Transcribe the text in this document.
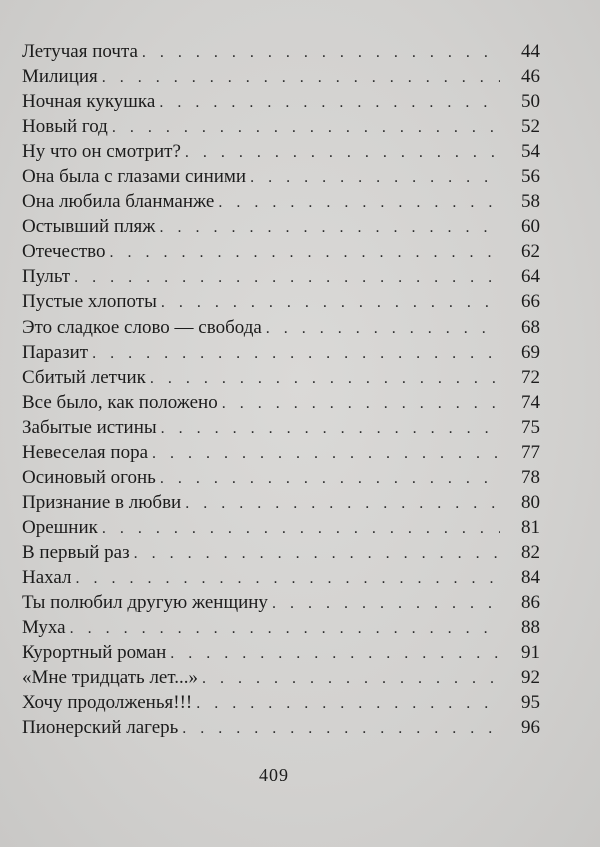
Летучая почта . . .	44
Милиция . . .	46
Ночная кукушка . . .	50
Новый год . . .	52
Ну что он смотрит? . . .	54
Она была с глазами синими . . .	56
Она любила бланманже . . .	58
Остывший пляж . . .	60
Отечество . . .	62
Пульт . . .	64
Пустые хлопоты . . .	66
Это сладкое слово — свобода . . .	68
Паразит . . .	69
Сбитый летчик . . .	72
Все было, как положено . . .	74
Забытые истины . . .	75
Невеселая пора . . .	77
Осиновый огонь . . .	78
Признание в любви . . .	80
Орешник . . .	81
В первый раз . . .	82
Нахал . . .	84
Ты полюбил другую женщину . . .	86
Муха . . .	88
Курортный роман . . .	91
«Мне тридцать лет...» . . .	92
Хочу продолженья!!! . . .	95
Пионерский лагерь . . .	96
409
